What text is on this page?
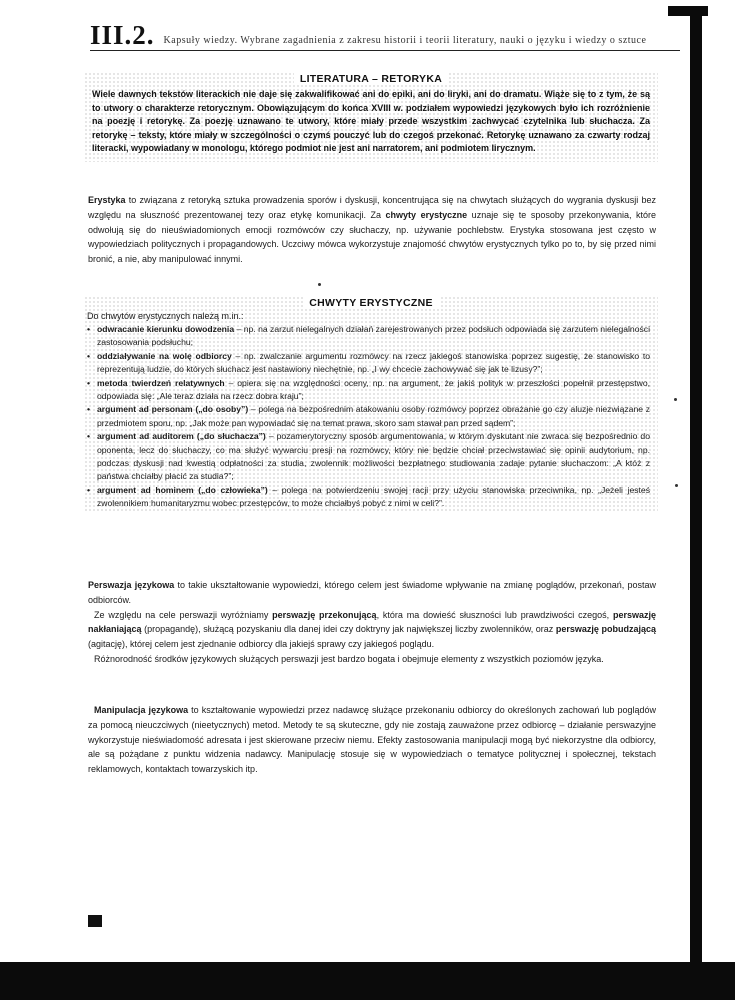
III.2. Kapsuły wiedzy. Wybrane zagadnienia z zakresu historii i teorii literatury, nauki o języku i wiedzy o sztuce
LITERATURA – RETORYKA
Wiele dawnych tekstów literackich nie daje się zakwalifikować ani do epiki, ani do liryki, ani do dramatu. Wiąże się to z tym, że są to utwory o charakterze retorycznym. Obowiązującym do końca XVIII w. podziałem wypowiedzi językowych było ich rozróżnienie na poezję i retorykę. Za poezję uznawano te utwory, które miały przede wszystkim zachwycać czytelnika lub słuchacza. Za retorykę – teksty, które miały w szczególności o czymś pouczyć lub do czegoś przekonać. Retorykę uznawano za czwarty rodzaj literacki, wypowiadany w monologu, którego podmiot nie jest ani narratorem, ani podmiotem lirycznym.

Erystyka to związana z retoryką sztuka prowadzenia sporów i dyskusji, koncentrująca się na chwytach służących do wygrania dyskusji bez względu na słuszność prezentowanej tezy oraz etykę komunikacji. Za chwyty erystyczne uznaje się te sposoby przekonywania, które odwołują się do nieuświadomionych emocji rozmówców czy słuchaczy, np. używanie pochlebstw. Erystyka stosowana jest często w wypowiedziach politycznych i propagandowych. Uczciwy mówca wykorzystuje znajomość chwytów erystycznych tylko po to, by się przed nimi bronić, a nie, aby manipulować innymi.

CHWYTY ERYSTYCZNE
Do chwytów erystycznych należą m.in.:
• odwracanie kierunku dowodzenia – np. na zarzut nielegalnych działań zarejestrowanych przez podsłuch odpowiada się zarzutem nielegalności zastosowania podsłuchu;
• oddziaływanie na wolę odbiorcy – np. zwalczanie argumentu rozmówcy na rzecz jakiegoś stanowiska poprzez sugestię, że stanowisko to reprezentują ludzie, do których słuchacz jest nastawiony niechętnie, np. „I wy chcecie zachowywać się jak te lizusy?”;
• metoda twierdzeń relatywnych – opiera się na względności oceny, np. na argument, że jakiś polityk w przeszłości popełnił przestępstwo, odpowiada się: „Ale teraz działa na rzecz dobra kraju”;
• argument ad personam („do osoby”) – polega na bezpośrednim atakowaniu osoby rozmówcy poprzez obrażanie go czy aluzje niezwiązane z przedmiotem sporu, np. „Jak może pan wypowiadać się na temat prawa, skoro sam stawał pan przed sądem”;
• argument ad auditorem („do słuchacza”) – pozamerytoryczny sposób argumentowania, w którym dyskutant nie zwraca się bezpośrednio do oponenta, lecz do słuchaczy, co ma służyć wywarciu presji na rozmówcy, który nie będzie chciał przeciwstawiać się opinii audytorium, np. podczas dyskusji nad kwestią odpłatności za studia, zwolennik możliwości bezpłatnego studiowania zadaje pytanie słuchaczom: „A któż z państwa chciałby płacić za studia?”;
• argument ad hominem („do człowieka”) – polega na potwierdzeniu swojej racji przy użyciu stanowiska przeciwnika, np. „Jeżeli jesteś zwolennikiem humanitaryzmu wobec przestępców, to może chciałbyś pobyć z nimi w celi?”.

Perswazja językowa to takie ukształtowanie wypowiedzi, którego celem jest świadome wpływanie na zmianę poglądów, przekonań, postaw odbiorców.

Ze względu na cele perswazji wyróżniamy perswazję przekonującą, która ma dowieść słuszności lub prawdziwości czegoś, perswazję nakłaniającą (propagandę), służącą pozyskaniu dla danej idei czy doktryny jak największej liczby zwolenników, oraz perswazję pobudzającą (agitację), której celem jest zjednanie odbiorcy dla jakiejś sprawy czy jakiegoś poglądu.

Różnorodność środków językowych służących perswazji jest bardzo bogata i obejmuje elementy z wszystkich poziomów języka.

Manipulacja językowa to kształtowanie wypowiedzi przez nadawcę służące przekonaniu odbiorcy do określonych zachowań lub poglądów za pomocą nieuczciwych (nieetycznych) metod. Metody te są skuteczne, gdy nie zostają zauważone przez odbiorcę – działanie perswazyjne wykorzystuje nieświadomość adresata i jest skierowane przeciw niemu. Efekty zastosowania manipulacji mogą być niekorzystne dla odbiorcy, ale są pożądane z punktu widzenia nadawcy. Manipulację stosuje się w wypowiedziach o tematyce politycznej i społecznej, tekstach reklamowych, kontaktach towarzyskich itp.
